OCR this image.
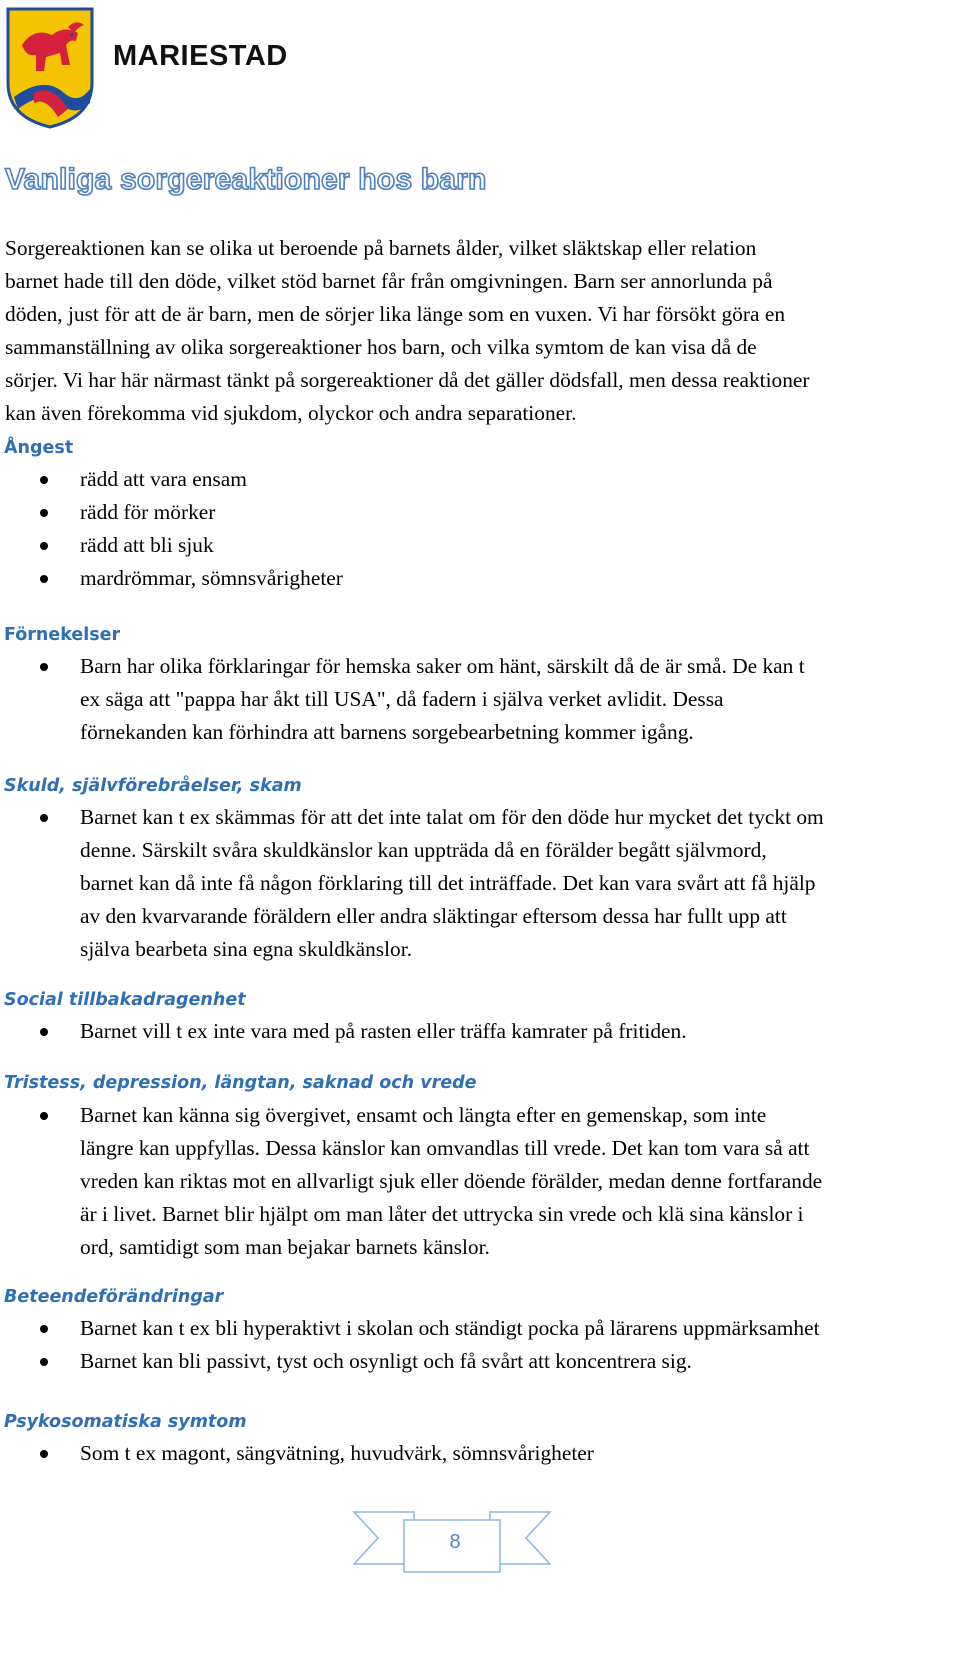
MARIESTAD
Vanliga sorgereaktioner hos barn

Sorgereaktionen kan se olika ut beroende på barnets ålder, vilket släktskap eller relation
barnet hade till den döde, vilket stöd barnet får från omgivningen. Barn ser annorlunda på
döden, just för att de är barn, men de sörjer lika länge som en vuxen. Vi har försökt göra en
sammanställning av olika sorgereaktioner hos barn, och vilka symtom de kan visa då de
sörjer. Vi har här närmast tänkt på sorgereaktioner då det gäller dödsfall, men dessa reaktioner
kan även förekomma vid sjukdom, olyckor och andra separationer.

Ångest
rädd att vara ensam
rädd för mörker
rädd att bli sjuk
mardrömmar, sömnsvårigheter
Förnekelser
Barn har olika förklaringar för hemska saker om hänt, särskilt då de är små. De kan t
ex säga att "pappa har åkt till USA", då fadern i själva verket avlidit. Dessa
förnekanden kan förhindra att barnens sorgebearbetning kommer igång.
Skuld, självförebråelser, skam
Barnet kan t ex skämmas för att det inte talat om för den döde hur mycket det tyckt om
denne. Särskilt svåra skuldkänslor kan uppträda då en förälder begått självmord,
barnet kan då inte få någon förklaring till det inträffade. Det kan vara svårt att få hjälp
av den kvarvarande föräldern eller andra släktingar eftersom dessa har fullt upp att
själva bearbeta sina egna skuldkänslor.
Social tillbakadragenhet
Barnet vill t ex inte vara med på rasten eller träffa kamrater på fritiden.
Tristess, depression, längtan, saknad och vrede
Barnet kan känna sig övergivet, ensamt och längta efter en gemenskap, som inte
längre kan uppfyllas. Dessa känslor kan omvandlas till vrede. Det kan tom vara så att
vreden kan riktas mot en allvarligt sjuk eller döende förälder, medan denne fortfarande
är i livet. Barnet blir hjälpt om man låter det uttrycka sin vrede och klä sina känslor i
ord, samtidigt som man bejakar barnets känslor.
Beteendeförändringar
Barnet kan t ex bli hyperaktivt i skolan och ständigt pocka på lärarens uppmärksamhet
Barnet kan bli passivt, tyst och osynligt och få svårt att koncentrera sig.
Psykosomatiska symtom
Som t ex magont, sängvätning, huvudvärk, sömnsvårigheter
8
